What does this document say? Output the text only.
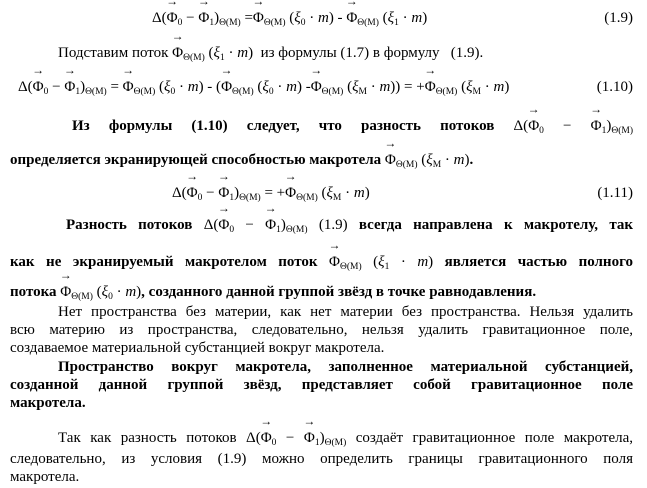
$\Delta(\to \Phi_0$ − → $\Phi_1)_{\Theta(M)} =\to \Phi_{\Theta(M)}$ $(\xi_0 \cdot m)$ - → $\Phi_{\Theta(M)}$ $(\xi_1 \cdot m)$	(1.9)
Подставим поток → $\Phi_{\Theta(M)}$ $(\xi_1 \cdot m)$  из формулы (1.7) в формулу (1.9).
$\Delta(\to \Phi_0$ − → $\Phi_1)_{\Theta(M)}$ = → $\Phi_{\Theta(M)}$ $(\xi_0 \cdot m)$ - (→ $\Phi_{\Theta(M)}$ $(\xi_0 \cdot m) -\to \Phi_{\Theta(M)}$ $(\xi_M \cdot m)$) = +→ $\Phi_{\Theta(M)}$ $(\xi_M \cdot m)$	(1.10)
Из формулы (1.10) следует, что разность потоков $\Delta(\to \Phi_0$ − → $\Phi_1)_{\Theta(M)}$
определяется экранирующей способностью макротела → $\Phi_{\Theta(M)}$ $(\xi_M \cdot m)$.
$\Delta(\to \Phi_0$ − → $\Phi_1)_{\Theta(M)}$ = +→ $\Phi_{\Theta(M)}$ $(\xi_M \cdot m)$	(1.11)
Разность потоков $\Delta(\to \Phi_0$ − → $\Phi_1)_{\Theta(M)}$ (1.9) всегда направлена к макротелу, так
как не экранируемый макротелом поток → $\Phi_{\Theta(M)}$ $(\xi_1 \cdot m)$ является частью полного
потока → $\Phi_{\Theta(M)}$ $(\xi_0 \cdot m)$, созданного данной группой звёзд в точке равнодавления.
Нет пространства без материи, как нет материи без пространства. Нельзя удалить
всю материю из пространства, следовательно, нельзя удалить гравитационное поле,
создаваемое материальной субстанцией вокруг макротела.
Пространство вокруг макротела, заполненное материальной субстанцией,
созданной данной группой звёзд, представляет собой гравитационное поле
макротела.
Так как разность потоков $\Delta(\to \Phi_0$ − → $\Phi_1)_{\Theta(M)}$ создаёт гравитационное поле макротела,
следовательно, из условия (1.9) можно определить границы гравитационного поля
макротела.
